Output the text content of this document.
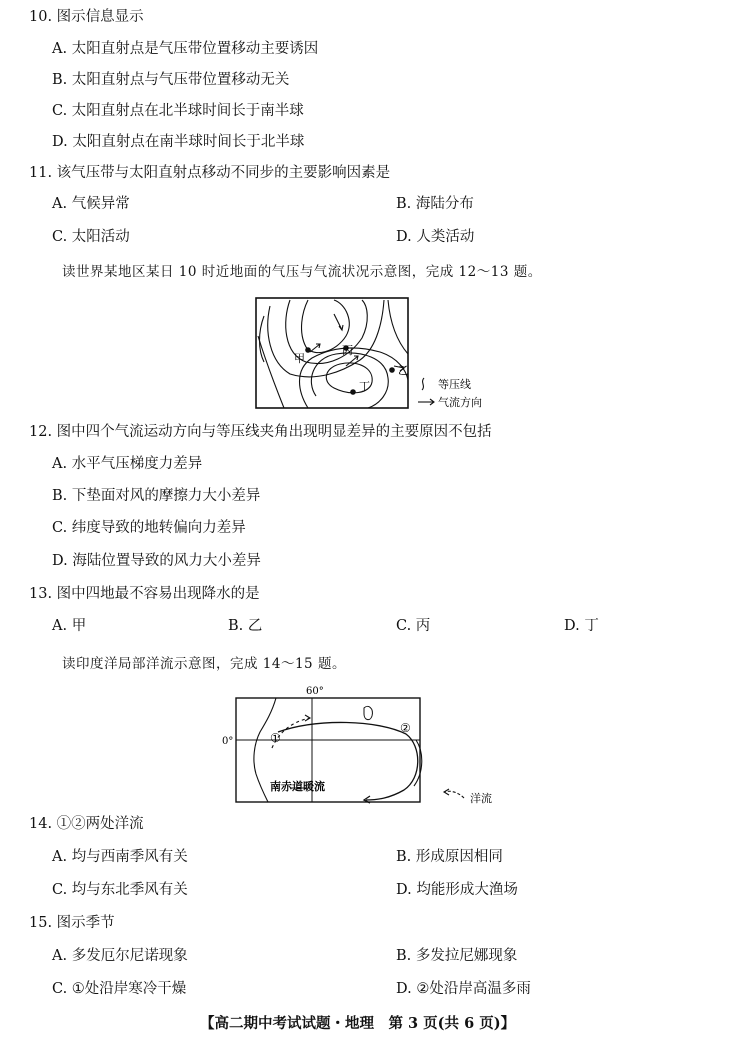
10. 图示信息显示
A. 太阳直射点是气压带位置移动主要诱因
B. 太阳直射点与气压带位置移动无关
C. 太阳直射点在北半球时间长于南半球
D. 太阳直射点在南半球时间长于北半球
11. 该气压带与太阳直射点移动不同步的主要影响因素是
A. 气候异常	B. 海陆分布
C. 太阳活动	D. 人类活动
读世界某地区某日 10 时近地面的气压与气流状况示意图，完成 12～13 题。
甲
丙
乙
丁	等压线
气流方向
12. 图中四个气流运动方向与等压线夹角出现明显差异的主要原因不包括
A. 水平气压梯度力差异
B. 下垫面对风的摩擦力大小差异
C. 纬度导致的地转偏向力差异
D. 海陆位置导致的风力大小差异
13. 图中四地最不容易出现降水的是
A. 甲	B. 乙	C. 丙	D. 丁
读印度洋局部洋流示意图，完成 14～15 题。
60°
0°	①
②
南赤道暖流
洋流
14. ①②两处洋流
A. 均与西南季风有关	B. 形成原因相同
C. 均与东北季风有关	D. 均能形成大渔场
15. 图示季节
A. 多发厄尔尼诺现象	B. 多发拉尼娜现象
C. ①处沿岸寒冷干燥	D. ②处沿岸高温多雨
【高二期中考试试题・地理　第 3 页(共 6 页)】
